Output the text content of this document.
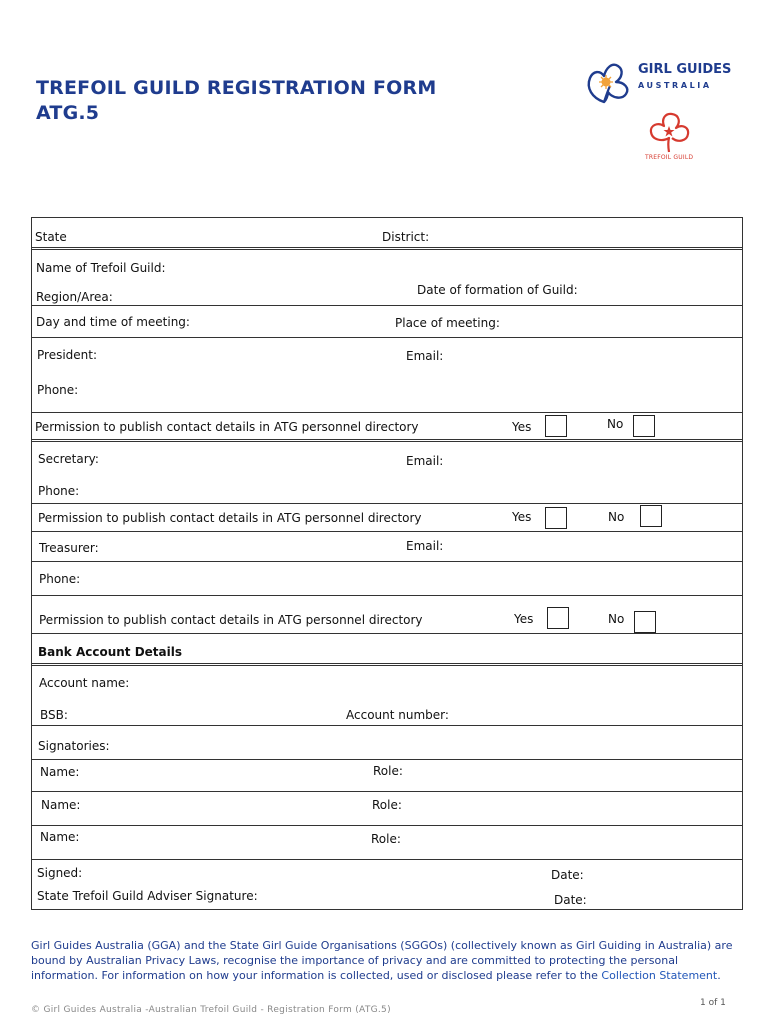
TREFOIL GUILD REGISTRATION FORM
ATG.5
GIRL GUIDES
AUSTRALIA
TREFOIL GUILD
State	District:
Name of Trefoil Guild:
Date of formation of Guild:
Region/Area:
Day and time of meeting:	Place of meeting:
President:	Email:
Phone:
Permission to publish contact details in ATG personnel directory	Yes	No
Secretary:	Email:
Phone:
Permission to publish contact details in ATG personnel directory	Yes	No
Treasurer:	Email:
Phone:
Permission to publish contact details in ATG personnel directory	Yes	No
Bank Account Details
Account name:
BSB:	Account number:
Signatories:
Name:	Role:
Name:	Role:
Name:	Role:
Signed:	Date:
State Trefoil Guild Adviser Signature:	Date:
Girl Guides Australia (GGA) and the State Girl Guide Organisations (SGGOs) (collectively known as Girl Guiding in Australia) are bound by Australian Privacy Laws, recognise the importance of privacy and are committed to protecting the personal information. For information on how your information is collected, used or disclosed please refer to the Collection Statement.
1 of 1
© Girl Guides Australia -Australian Trefoil Guild - Registration Form (ATG.5)
